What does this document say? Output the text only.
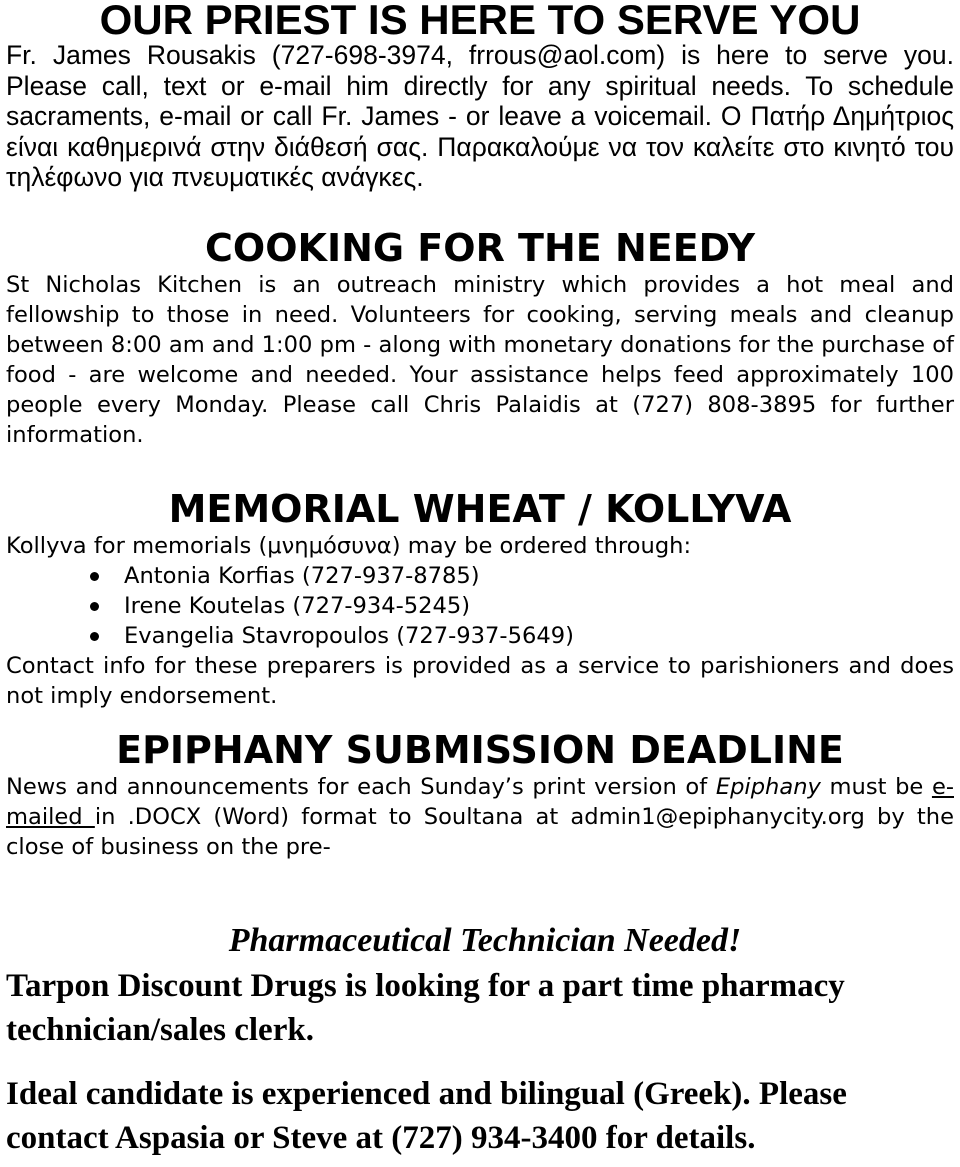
OUR PRIEST IS HERE TO SERVE YOU

Fr. James Rousakis (727-698-3974, frrous@aol.com) is here to serve you. Please call, text or e-mail him directly for any spiritual needs. To schedule sacraments, e-mail or call Fr. James - or leave a voicemail. Ο Πατήρ Δημήτριος είναι καθημερινά στην διάθεσή σας. Παρακαλούμε να τον καλείτε στο κινητό του τηλέφωνο για πνευματικές ανάγκες.

COOKING FOR THE NEEDY

St Nicholas Kitchen is an outreach ministry which provides a hot meal and fellowship to those in need. Volunteers for cooking, serving meals and cleanup between 8:00 am and 1:00 pm - along with monetary donations for the purchase of food - are welcome and needed. Your assistance helps feed approximately 100 people every Monday. Please call Chris Palaidis at (727) 808-3895 for further information.

MEMORIAL WHEAT / KOLLYVA

Kollyva for memorials (μνημόσυνα) may be ordered through:

Antonia Korfias (727-937-8785)
Irene Koutelas (727-934-5245)
Evangelia Stavropoulos (727-937-5649)

Contact info for these preparers is provided as a service to parishioners and does not imply endorsement.

EPIPHANY SUBMISSION DEADLINE

News and announcements for each Sunday’s print version of Epiphany must be e-mailed in .DOCX (Word) format to Soultana at admin1@epiphanycity.org by the close of business on the pre-

Pharmaceutical Technician Needed!

Tarpon Discount Drugs is looking for a part time pharmacy technician/sales clerk.

Ideal candidate is experienced and bilingual (Greek). Please contact Aspasia or Steve at (727) 934-3400 for details.
